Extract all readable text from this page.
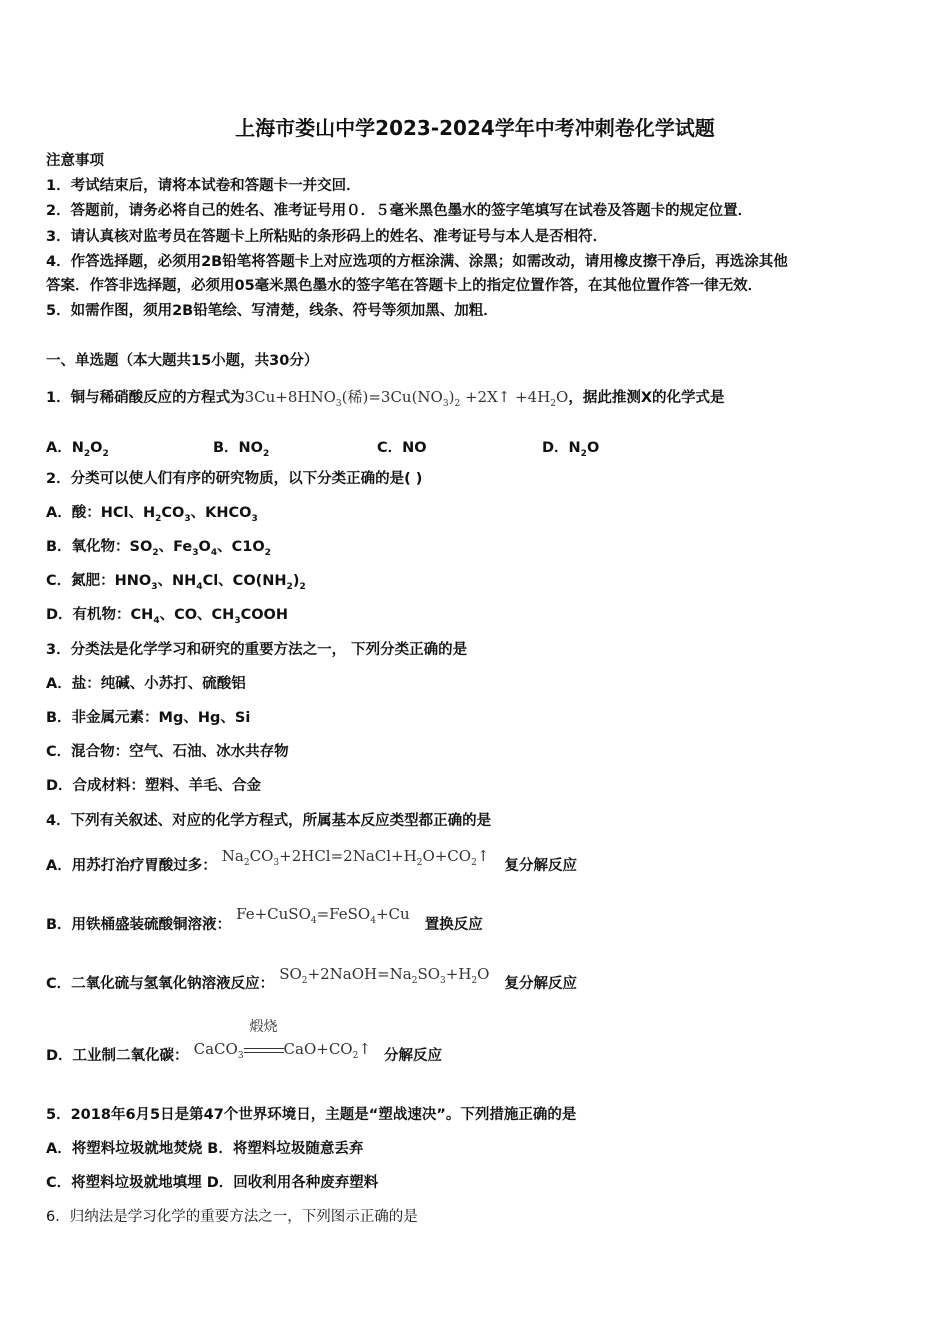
上海市娄山中学2023-2024学年中考冲刺卷化学试题
注意事项
1．考试结束后，请将本试卷和答题卡一并交回．
2．答题前，请务必将自己的姓名、准考证号用０．５毫米黑色墨水的签字笔填写在试卷及答题卡的规定位置．
3．请认真核对监考员在答题卡上所粘贴的条形码上的姓名、准考证号与本人是否相符．
4．作答选择题，必须用2B铅笔将答题卡上对应选项的方框涂满、涂黑；如需改动，请用橡皮擦干净后，再选涂其他
答案．作答非选择题，必须用05毫米黑色墨水的签字笔在答题卡上的指定位置作答，在其他位置作答一律无效．
5．如需作图，须用2B铅笔绘、写清楚，线条、符号等须加黑、加粗．
一、单选题（本大题共15小题，共30分）
1．铜与稀硝酸反应的方程式为$3Cu+8HNO_3$(稀)$=3Cu(NO_3)_2$ +2X↑ $+4H_2O$，据此推测X的化学式是
A．$N_2O_2$	B．$NO_2$	C．NO	D．$N_2O$
2．分类可以使人们有序的研究物质，以下分类正确的是( )
A．酸：HCl、$H_2CO_3$、$KHCO_3$
B．氧化物：$SO_2$、$Fe_3O_4$、$C1O_2$
C．氮肥：$HNO_3$、$NH_4Cl$、$CO(NH_2)_2$
D．有机物：$CH_4$、CO、$CH_3COOH$
3．分类法是化学学习和研究的重要方法之一， 下列分类正确的是
A．盐：纯碱、小苏打、硫酸铝
B．非金属元素：Mg、Hg、Si
C．混合物：空气、石油、冰水共存物
D．合成材料：塑料、羊毛、合金
4．下列有关叙述、对应的化学方程式，所属基本反应类型都正确的是
A．用苏打治疗胃酸过多： $Na_2CO_3+2HCl=2NaCl+H_2O+CO_2↑$ 复分解反应
B．用铁桶盛装硫酸铜溶液： Fe+CuSO$_4$=FeSO$_4$+Cu 置换反应
C．二氧化硫与氢氧化钠溶液反应： $SO_2+2NaOH=Na_2SO_3+H_2O$ 复分解反应
D．工业制二氧化碳： CaCO$_3$
煅烧
$CaO+CO_2↑$ 分解反应
5．2018年6月5日是第47个世界环境日，主题是“塑战速决”。下列措施正确的是
A．将塑料垃圾就地焚烧 B．将塑料垃圾随意丢弃
C．将塑料垃圾就地填埋 D．回收利用各种废弃塑料
6．归纳法是学习化学的重要方法之一，下列图示正确的是
